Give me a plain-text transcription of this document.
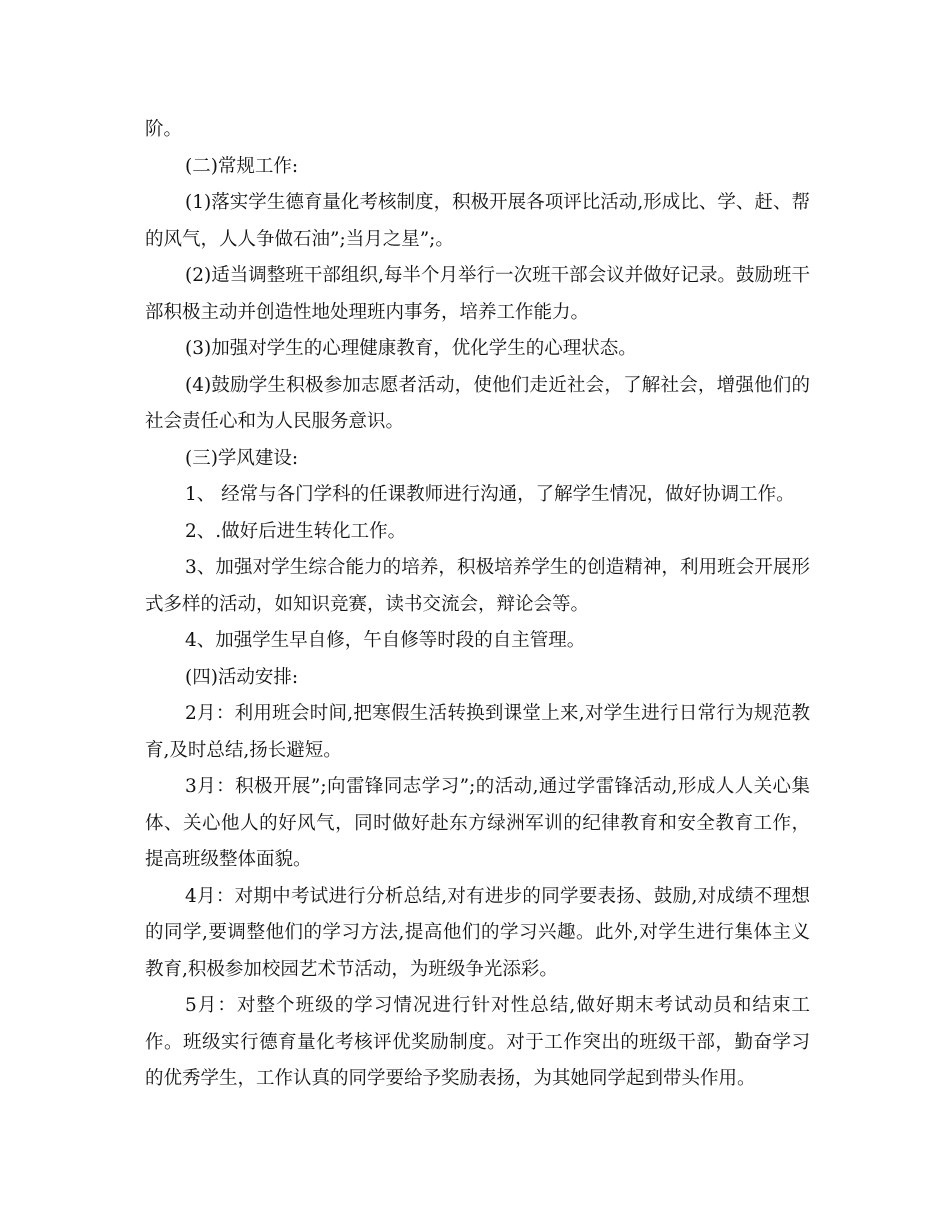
阶。

(二)常规工作:

(1)落实学生德育量化考核制度，积极开展各项评比活动,形成比、学、赶、帮的风气，人人争做石油”;当月之星”;。

(2)适当调整班干部组织,每半个月举行一次班干部会议并做好记录。鼓励班干部积极主动并创造性地处理班内事务，培养工作能力。

(3)加强对学生的心理健康教育，优化学生的心理状态。

(4)鼓励学生积极参加志愿者活动，使他们走近社会，了解社会，增强他们的社会责任心和为人民服务意识。

(三)学风建设:

1、 经常与各门学科的任课教师进行沟通，了解学生情况，做好协调工作。

2、.做好后进生转化工作。

3、加强对学生综合能力的培养，积极培养学生的创造精神，利用班会开展形式多样的活动，如知识竞赛，读书交流会，辩论会等。

4、加强学生早自修，午自修等时段的自主管理。

(四)活动安排:

2月：利用班会时间,把寒假生活转换到课堂上来,对学生进行日常行为规范教育,及时总结,扬长避短。

3月：积极开展”;向雷锋同志学习”;的活动,通过学雷锋活动,形成人人关心集体、关心他人的好风气，同时做好赴东方绿洲军训的纪律教育和安全教育工作，提高班级整体面貌。

4月：对期中考试进行分析总结,对有进步的同学要表扬、鼓励,对成绩不理想的同学,要调整他们的学习方法,提高他们的学习兴趣。此外,对学生进行集体主义教育,积极参加校园艺术节活动，为班级争光添彩。

5月：对整个班级的学习情况进行针对性总结,做好期末考试动员和结束工作。班级实行德育量化考核评优奖励制度。对于工作突出的班级干部，勤奋学习的优秀学生，工作认真的同学要给予奖励表扬，为其她同学起到带头作用。
